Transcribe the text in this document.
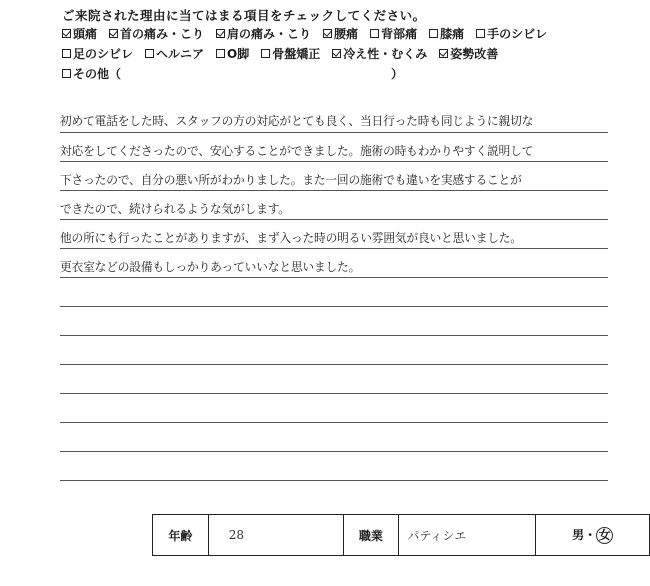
ご来院された理由に当てはまる項目をチェックしてください。
頭痛 首の痛み・こり 肩の痛み・こり 腰痛 背部痛 膝痛 手のシビレ
足のシビレ ヘルニア O脚 骨盤矯正 冷え性・むくみ 姿勢改善
その他（	）
初めて電話をした時、スタッフの方の対応がとても良く、当日行った時も同じように親切な
対応をしてくださったので、安心することができました。施術の時もわかりやすく説明して
下さったので、自分の悪い所がわかりました。また一回の施術でも違いを実感することが
できたので、続けられるような気がします。
他の所にも行ったことがありますが、まず入った時の明るい雰囲気が良いと思いました。
更衣室などの設備もしっかりあっていいなと思いました。
年齢	28	職業	パティシエ	男・ 女
